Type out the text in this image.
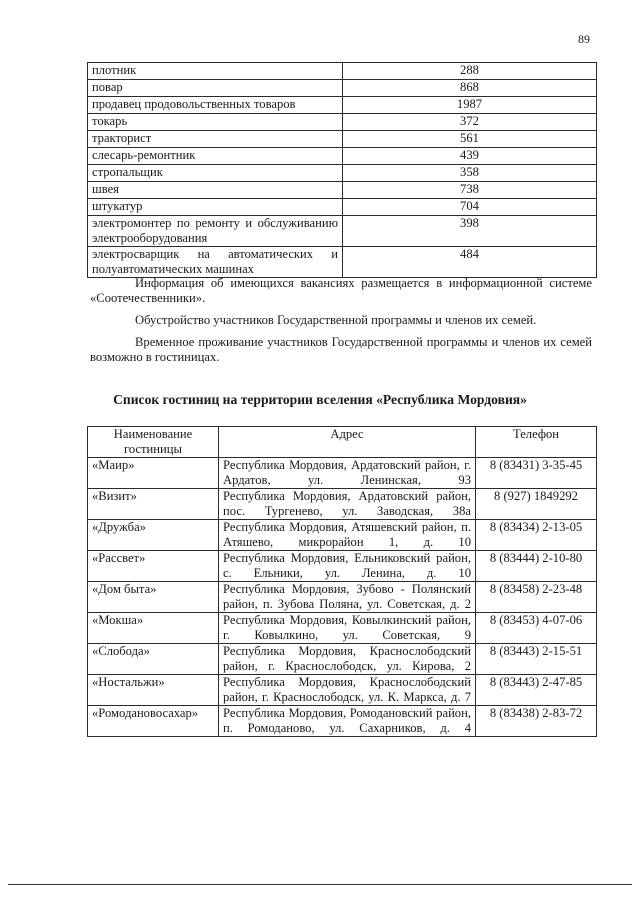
89
плотник	288
повар	868
продавец продовольственных товаров	1987
токарь	372
тракторист	561
слесарь-ремонтник	439
стропальщик	358
швея	738
штукатур	704
электромонтер по ремонту и обслуживанию электрооборудования	398
электросварщик на автоматических и полуавтоматических машинах	484

Информация об имеющихся вакансиях размещается в информационной системе «Соотечественники».

Обустройство участников Государственной программы и членов их семей.

Временное проживание участников Государственной программы и членов их семей возможно в гостиницах.

Список гостиниц на территории вселения «Республика Мордовия»
Наименование гостиницы	Адрес	Телефон
«Маир»	Республика Мордовия, Ардатовский район, г. Ардатов, ул. Ленинская, 93	8 (83431) 3-35-45
«Визит»	Республика Мордовия, Ардатовский район, пос. Тургенево, ул. Заводская, 38а	8 (927) 1849292
«Дружба»	Республика Мордовия, Атяшевский район, п. Атяшево, микрорайон 1, д. 10	8 (83434) 2-13-05
«Рассвет»	Республика Мордовия, Ельниковский район, с. Ельники, ул. Ленина, д. 10	8 (83444) 2-10-80
«Дом быта»	Республика Мордовия, Зубово - Полянский район, п. Зубова Поляна, ул. Советская, д. 2	8 (83458) 2-23-48
«Мокша»	Республика Мордовия, Ковылкинский район, г. Ковылкино, ул. Советская, 9	8 (83453) 4-07-06
«Слобода»	Республика Мордовия, Краснослободский район, г. Краснослободск, ул. Кирова, 2	8 (83443) 2-15-51
«Ностальжи»	Республика Мордовия, Краснослободский район, г. Краснослободск, ул. К. Маркса, д. 7	8 (83443) 2-47-85
«Ромодановосахар»	Республика Мордовия, Ромодановский район, п. Ромоданово, ул. Сахарников, д. 4	8 (83438) 2-83-72
